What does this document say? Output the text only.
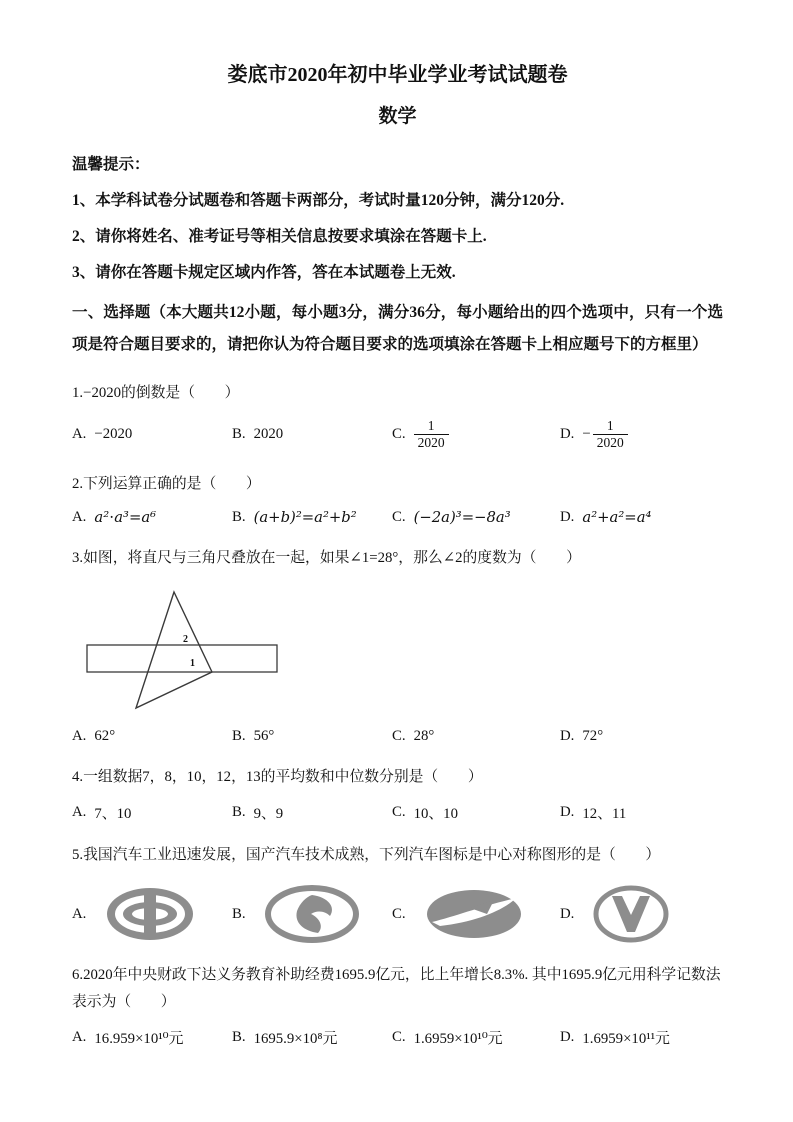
娄底市2020年初中毕业学业考试试题卷
数学

温馨提示：

1、本学科试卷分试题卷和答题卡两部分，考试时量120分钟，满分120分.

2、请你将姓名、准考证号等相关信息按要求填涂在答题卡上.

3、请你在答题卡规定区域内作答，答在本试题卷上无效.

一、选择题（本大题共12小题，每小题3分，满分36分，每小题给出的四个选项中，只有一个选项是符合题目要求的，请把你认为符合题目要求的选项填涂在答题卡上相应题号下的方框里）

1.−2020的倒数是（　　）

A. −2020	B. 2020	C. $\frac{1}{2020}$	D. − $\frac{1}{2020}$

2.下列运算正确的是（　　）

A. a²⋅a³=a⁶	B. (a+b)²=a²+b² C. (−2a)³=−8a³	D. a²+a²=a⁴

3.如图，将直尺与三角尺叠放在一起，如果∠1=28°，那么∠2的度数为（　　）

2
1
A. 62°	B. 56°	C. 28°	D. 72°

4.一组数据7，8，10，12，13的平均数和中位数分别是（　　）

A. 7、10	B. 9、9	C. 10、10	D. 12、11

5.我国汽车工业迅速发展，国产汽车技术成熟，下列汽车图标是中心对称图形的是（　　）

A.	B.	C.	D.

6.2020年中央财政下达义务教育补助经费1695.9亿元，比上年增长8.3%. 其中1695.9亿元用科学记数法表示为（　　）

A. 16.959×10¹⁰元	B. 1695.9×10⁸元	C. 1.6959×10¹⁰元	D. 1.6959×10¹¹元
